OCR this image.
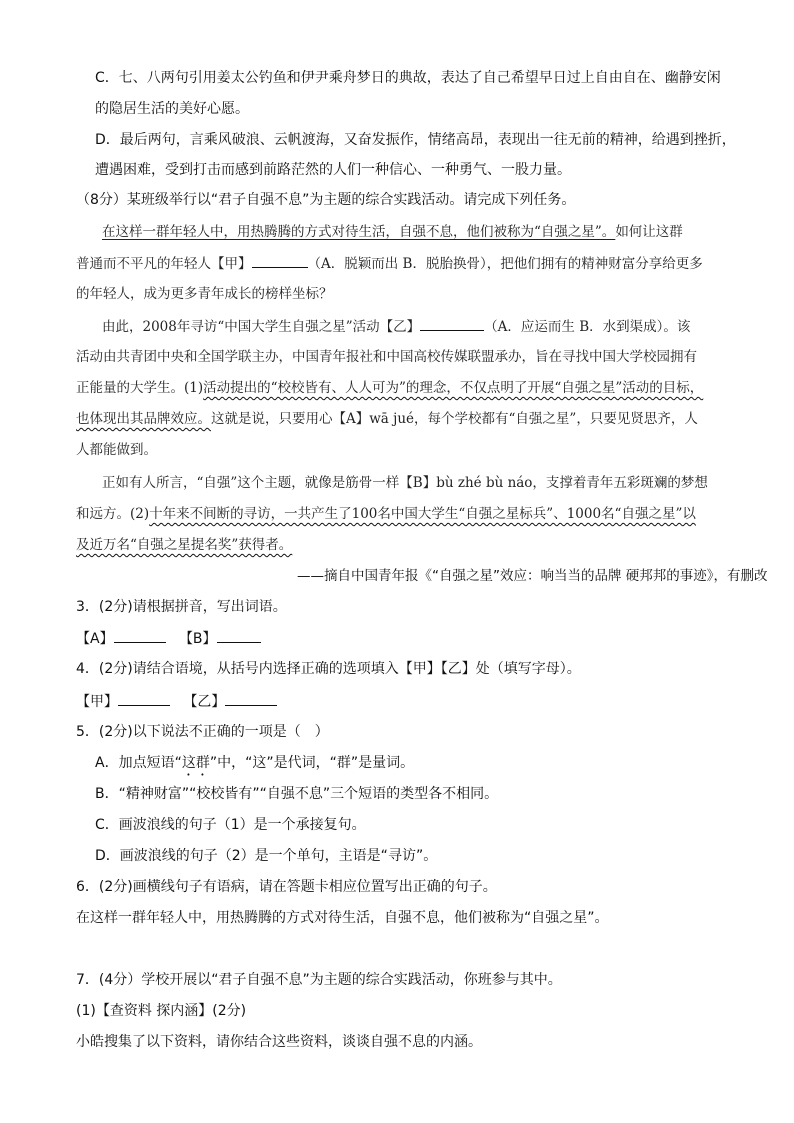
C．七、八两句引用姜太公钓鱼和伊尹乘舟梦日的典故，表达了自己希望早日过上自由自在、幽静安闲
的隐居生活的美好心愿。
D．最后两句，言乘风破浪、云帆渡海，又奋发振作，情绪高昂，表现出一往无前的精神，给遇到挫折，
遭遇困难，受到打击而感到前路茫然的人们一种信心、一种勇气、一股力量。
（8分）某班级举行以“君子自强不息”为主题的综合实践活动。请完成下列任务。
在这样一群年轻人中，用热腾腾的方式对待生活，自强不息，他们被称为“自强之星”。如何让这群
普通而不平凡的年轻人【甲】	（A．脱颖而出 B．脱胎换骨），把他们拥有的精神财富分享给更多
的年轻人，成为更多青年成长的榜样坐标？
由此，2008年寻访“中国大学生自强之星”活动【乙】	（A．应运而生 B．水到渠成）。该
活动由共青团中央和全国学联主办，中国青年报社和中国高校传媒联盟承办，旨在寻找中国大学校园拥有
正能量的大学生。(1)活动提出的“校校皆有、人人可为”的理念，不仅点明了开展“自强之星”活动的目标，
也体现出其品牌效应。这就是说，只要用心【A】wā jué，每个学校都有“自强之星”，只要见贤思齐，人
人都能做到。
正如有人所言，“自强”这个主题，就像是筋骨一样【B】bù zhé bù náo，支撑着青年五彩斑斓的梦想
和远方。(2)十年来不间断的寻访，一共产生了100名中国大学生“自强之星标兵”、1000名“自强之星”以
及近万名“自强之星提名奖”获得者。
——摘自中国青年报《“自强之星”效应：响当当的品牌 硬邦邦的事迹》，有删改
3．(2分)请根据拼音，写出词语。
【A】	【B】
4．(2分)请结合语境，从括号内选择正确的选项填入【甲】【乙】处（填写字母）。
【甲】	【乙】
5．(2分)以下说法不正确的一项是（　）
A．加点短语“这群”中，“这”是代词，“群”是量词。
B．“精神财富”“校校皆有”“自强不息”三个短语的类型各不相同。
C．画波浪线的句子（1）是一个承接复句。
D．画波浪线的句子（2）是一个单句，主语是“寻访”。
6．(2分)画横线句子有语病，请在答题卡相应位置写出正确的句子。
在这样一群年轻人中，用热腾腾的方式对待生活，自强不息，他们被称为“自强之星”。
7．(4分）学校开展以“君子自强不息”为主题的综合实践活动，你班参与其中。
(1)【查资料 探内涵】(2分)
小皓搜集了以下资料，请你结合这些资料，谈谈自强不息的内涵。
